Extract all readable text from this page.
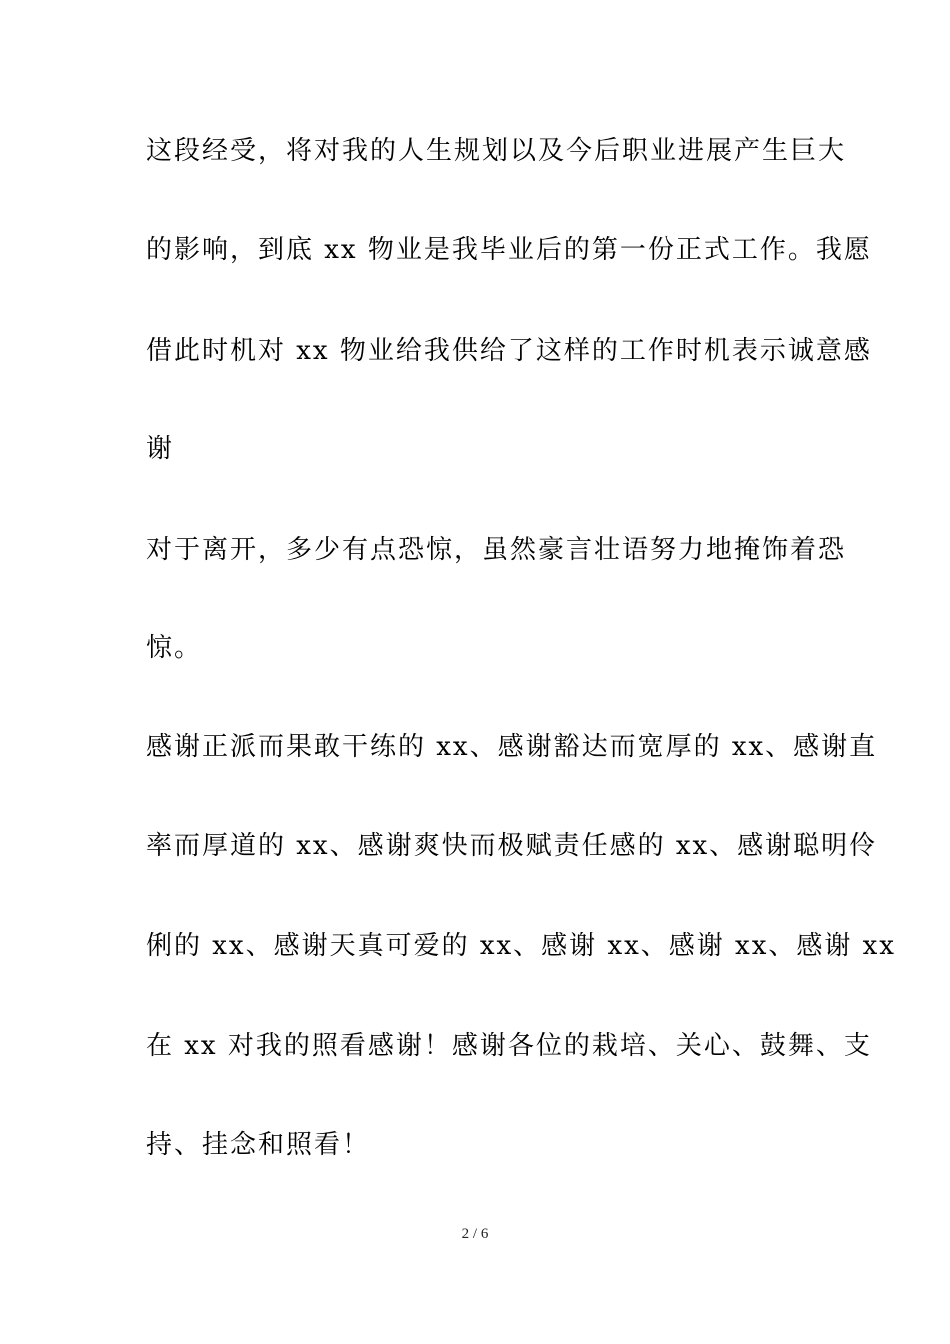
这段经受，将对我的人生规划以及今后职业进展产生巨大
的影响，到底 xx 物业是我毕业后的第一份正式工作。我愿
借此时机对 xx 物业给我供给了这样的工作时机表示诚意感
谢
对于离开，多少有点恐惊，虽然豪言壮语努力地掩饰着恐
惊。
感谢正派而果敢干练的 xx、感谢豁达而宽厚的 xx、感谢直
率而厚道的 xx、感谢爽快而极赋责任感的 xx、感谢聪明伶
俐的 xx、感谢天真可爱的 xx、感谢 xx、感谢 xx、感谢 xx
在 xx 对我的照看感谢！感谢各位的栽培、关心、鼓舞、支
持、挂念和照看！
2 / 6
